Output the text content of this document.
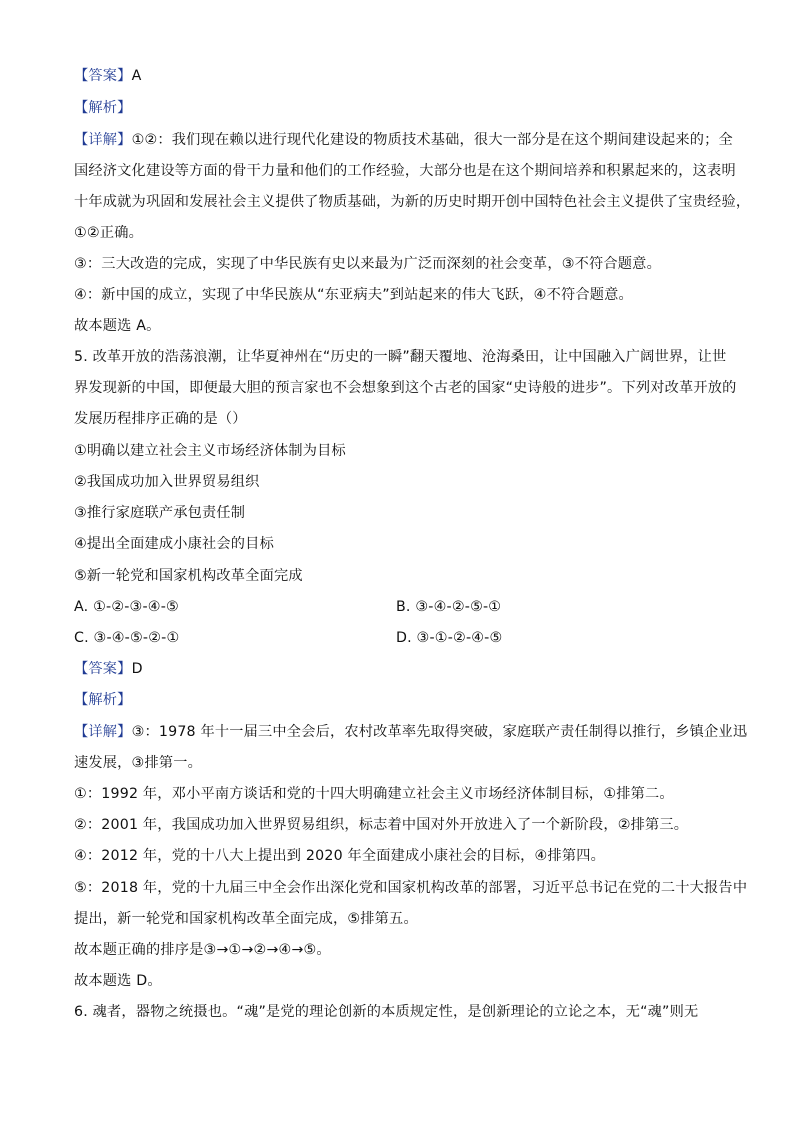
【答案】A
【解析】
【详解】①②：我们现在赖以进行现代化建设的物质技术基础，很大一部分是在这个期间建设起来的；全
国经济文化建设等方面的骨干力量和他们的工作经验，大部分也是在这个期间培养和积累起来的，这表明
十年成就为巩固和发展社会主义提供了物质基础，为新的历史时期开创中国特色社会主义提供了宝贵经验，
①②正确。
③：三大改造的完成，实现了中华民族有史以来最为广泛而深刻的社会变革，③不符合题意。
④：新中国的成立，实现了中华民族从“东亚病夫”到站起来的伟大飞跃，④不符合题意。
故本题选 A。
5. 改革开放的浩荡浪潮，让华夏神州在“历史的一瞬”翻天覆地、沧海桑田，让中国融入广阔世界，让世
界发现新的中国，即便最大胆的预言家也不会想象到这个古老的国家“史诗般的进步”。下列对改革开放的
发展历程排序正确的是（）
①明确以建立社会主义市场经济体制为目标
②我国成功加入世界贸易组织
③推行家庭联产承包责任制
④提出全面建成小康社会的目标
⑤新一轮党和国家机构改革全面完成
A. ①-②-③-④-⑤	B. ③-④-②-⑤-①
C. ③-④-⑤-②-①	D. ③-①-②-④-⑤
【答案】D
【解析】
【详解】③：1978 年十一届三中全会后，农村改革率先取得突破，家庭联产责任制得以推行，乡镇企业迅
速发展，③排第一。
①：1992 年，邓小平南方谈话和党的十四大明确建立社会主义市场经济体制目标，①排第二。
②：2001 年，我国成功加入世界贸易组织，标志着中国对外开放进入了一个新阶段，②排第三。
④：2012 年，党的十八大上提出到 2020 年全面建成小康社会的目标，④排第四。
⑤：2018 年，党的十九届三中全会作出深化党和国家机构改革的部署，习近平总书记在党的二十大报告中
提出，新一轮党和国家机构改革全面完成，⑤排第五。
故本题正确的排序是③→①→②→④→⑤。
故本题选 D。
6. 魂者，器物之统摄也。“魂”是党的理论创新的本质规定性，是创新理论的立论之本，无“魂”则无
